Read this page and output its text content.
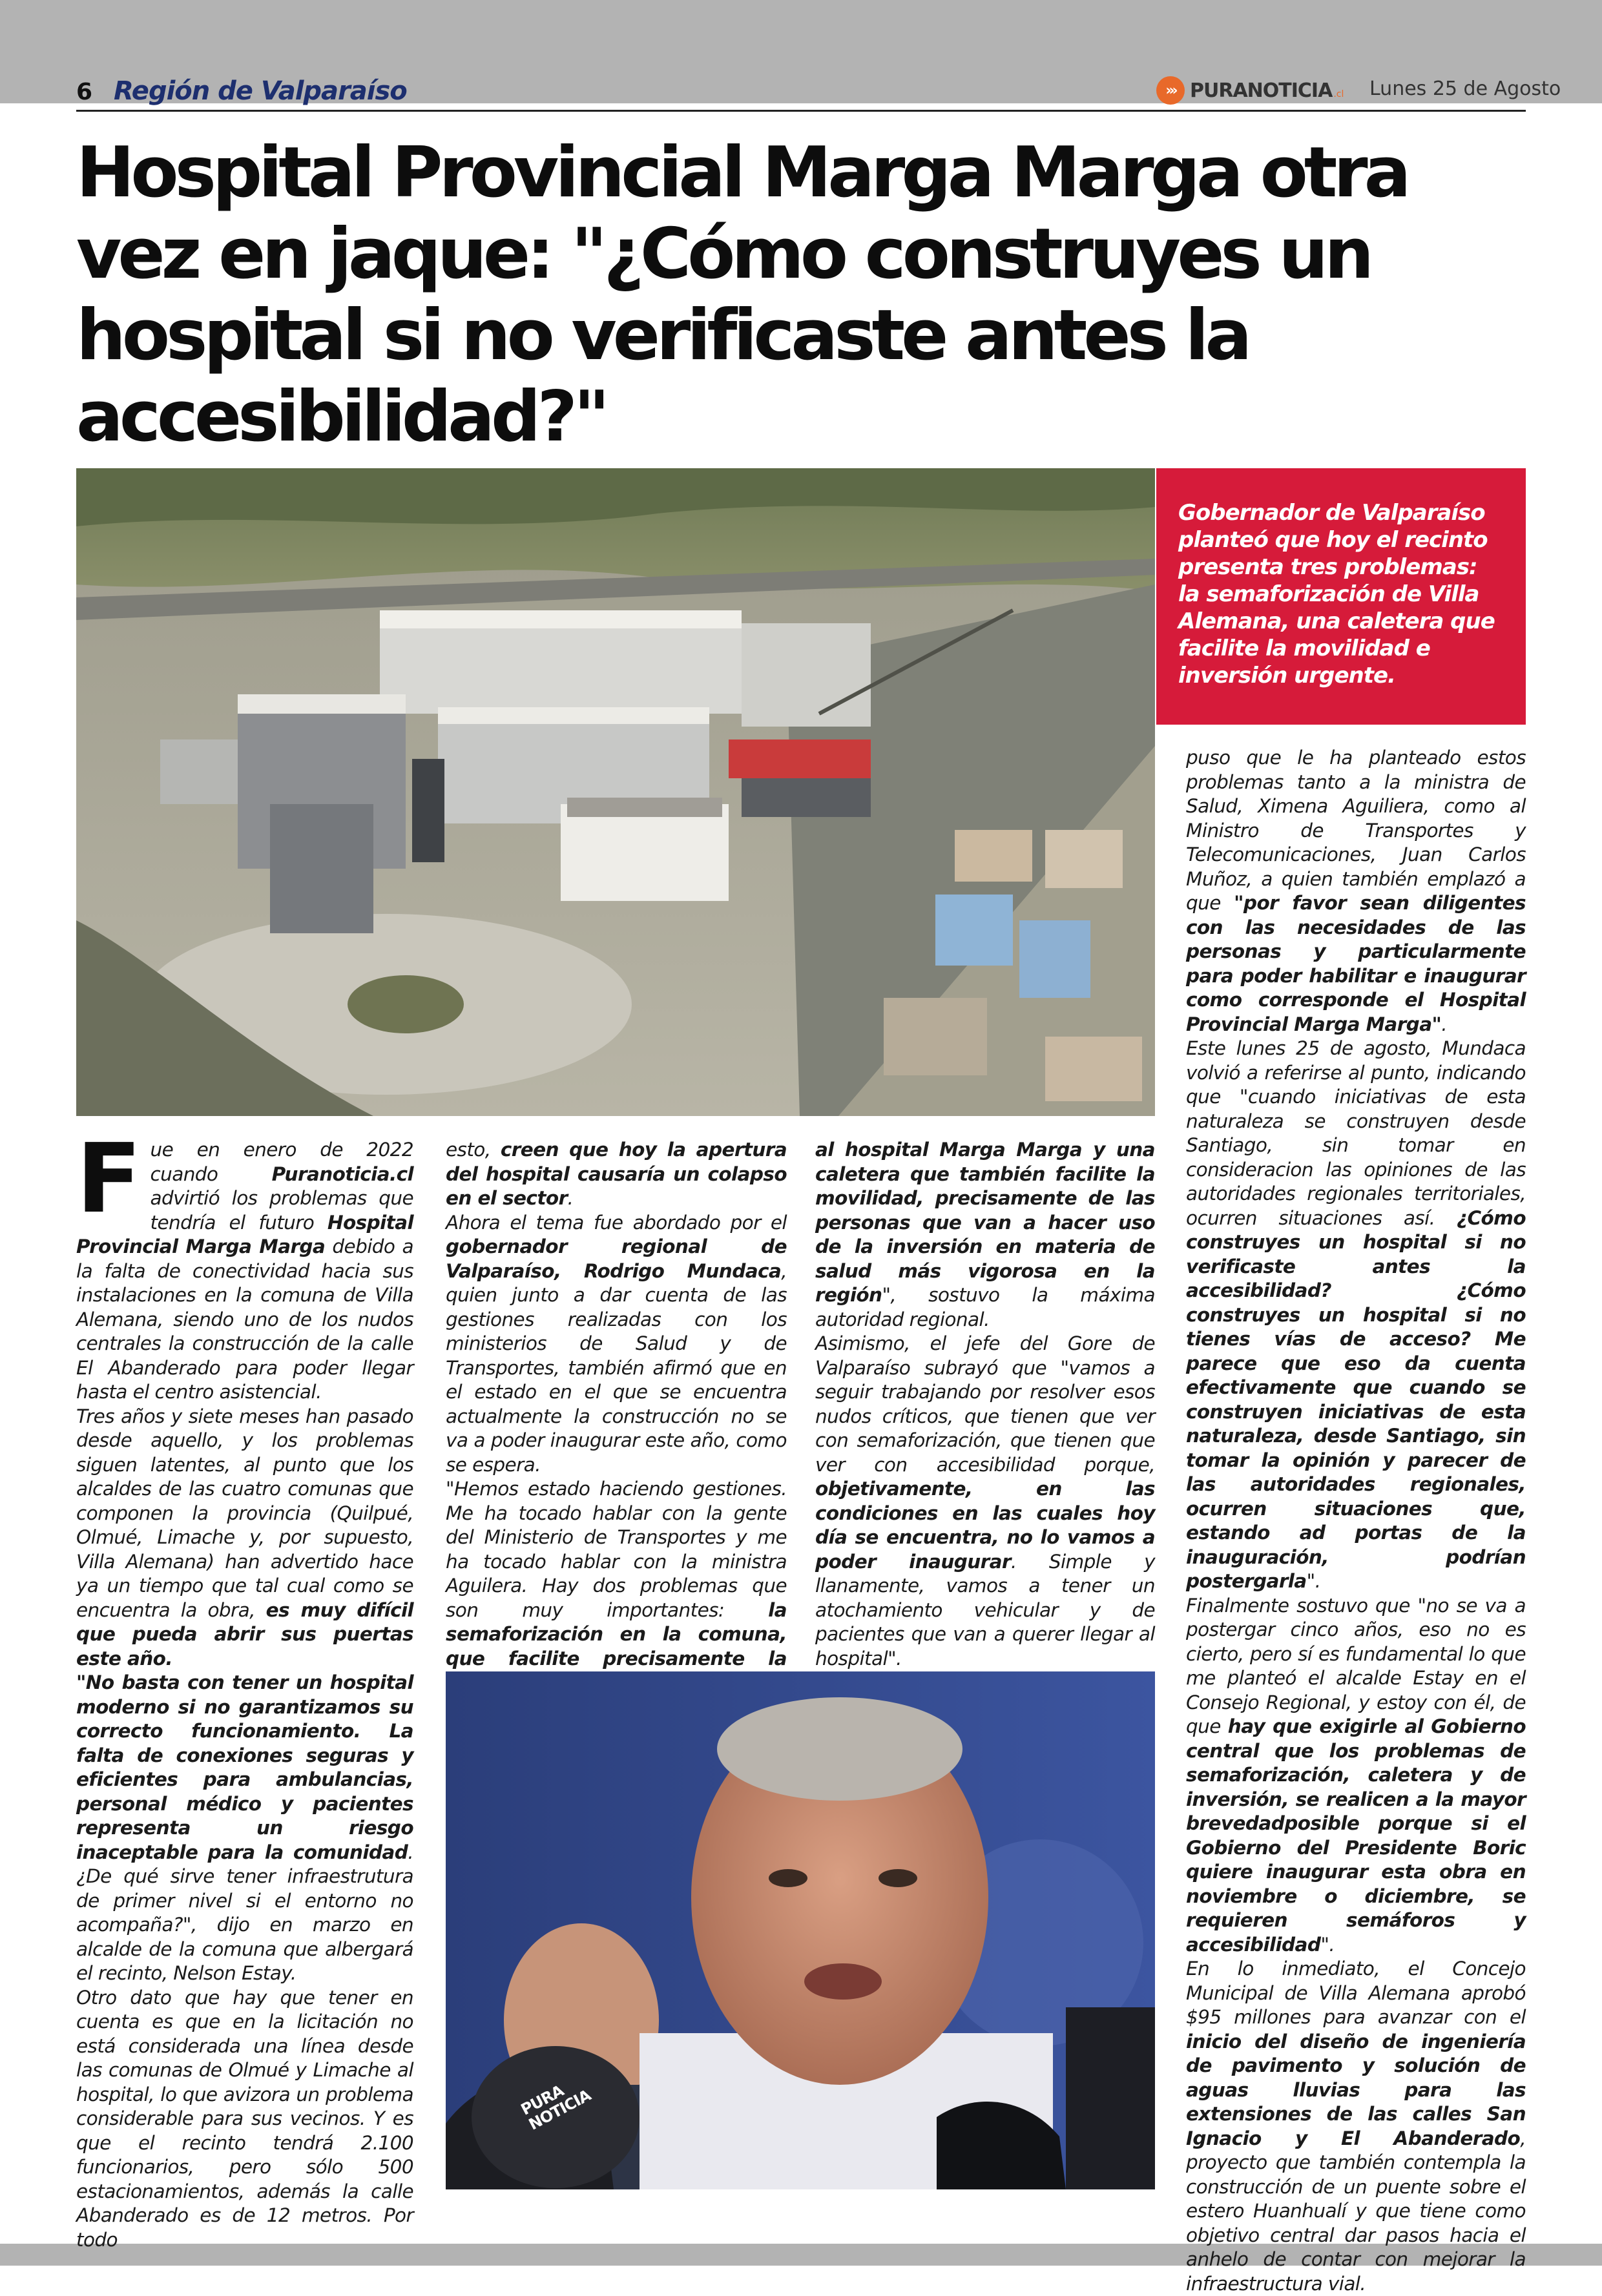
6 Región de Valparaíso	››› PURANOTICIA .cl Lunes 25 de Agosto
Hospital Provincial Marga Marga otra vez en jaque: "¿Cómo construyes un hospital si no verificaste antes la accesibilidad?"

Gobernador de Valparaíso planteó que hoy el recinto presenta tres problemas: la semaforización de Villa Alemana, una caletera que facilite la movilidad e inversión urgente.

F ue en enero de 2022 cuando Puranoticia.cl advirtió los problemas que tendría el futuro Hospital Provincial Marga Marga debido a la falta de conectividad hacia sus instalaciones en la comuna de Villa Alemana, siendo uno de los nudos centrales la construcción de la calle El Abanderado para poder llegar hasta el centro asistencial.

Tres años y siete meses han pasado desde aquello, y los problemas siguen latentes, al punto que los alcaldes de las cuatro comunas que componen la provincia (Quilpué, Olmué, Limache y, por supuesto, Villa Alemana) han advertido hace ya un tiempo que tal cual como se encuentra la obra, es muy difícil que pueda abrir sus puertas este año.

"No basta con tener un hospital moderno si no garantizamos su correcto funcionamiento. La falta de conexiones seguras y eficientes para ambulancias, personal médico y pacientes representa un riesgo inaceptable para la comunidad. ¿De qué sirve tener infraestrutura de primer nivel si el entorno no acompaña?", dijo en marzo en alcalde de la comuna que albergará el recinto, Nelson Estay.

Otro dato que hay que tener en cuenta es que en la licitación no está considerada una línea desde las comunas de Olmué y Limache al hospital, lo que avizora un problema considerable para sus vecinos. Y es que el recinto tendrá 2.100 funcionarios, pero sólo 500 estacionamientos, además la calle Abanderado es de 12 metros. Por todo

esto, creen que hoy la apertura del hospital causaría un colapso en el sector.

Ahora el tema fue abordado por el gobernador regional de Valparaíso, Rodrigo Mundaca, quien junto a dar cuenta de las gestiones realizadas con los ministerios de Salud y de Transportes, también afirmó que en el estado en el que se encuentra actualmente la construcción no se va a poder inaugurar este año, como se espera.

"Hemos estado haciendo gestiones. Me ha tocado hablar con la gente del Ministerio de Transportes y me ha tocado hablar con la ministra Aguilera. Hay dos problemas que son muy importantes: la semaforización en la comuna, que facilite precisamente la

al hospital Marga Marga y una caletera que también facilite la movilidad, precisamente de las personas que van a hacer uso de la inversión en materia de salud más vigorosa en la región", sostuvo la máxima autoridad regional.

Asimismo, el jefe del Gore de Valparaíso subrayó que "vamos a seguir trabajando por resolver esos nudos críticos, que tienen que ver con semaforización, que tienen que ver con accesibilidad porque, objetivamente, en las condiciones en las cuales hoy día se encuentra, no lo vamos a poder inaugurar. Simple y llanamente, vamos a tener un atochamiento vehicular y de pacientes que van a querer llegar al hospital".

puso que le ha planteado estos problemas tanto a la ministra de Salud, Ximena Aguiliera, como al Ministro de Transportes y Telecomunicaciones, Juan Carlos Muñoz, a quien también emplazó a que "por favor sean diligentes con las necesidades de las personas y particularmente para poder habilitar e inaugurar como corresponde el Hospital Provincial Marga Marga".

Este lunes 25 de agosto, Mundaca volvió a referirse al punto, indicando que "cuando iniciativas de esta naturaleza se construyen desde Santiago, sin tomar en consideracion las opiniones de las autoridades regionales territoriales, ocurren situaciones así. ¿Cómo construyes un hospital si no verificaste antes la accesibilidad? ¿Cómo construyes un hospital si no tienes vías de acceso? Me parece que eso da cuenta efectivamente que cuando se construyen iniciativas de esta naturaleza, desde Santiago, sin tomar la opinión y parecer de las autoridades regionales, ocurren situaciones que, estando ad portas de la inauguración, podrían postergarla".

Finalmente sostuvo que "no se va a postergar cinco años, eso no es cierto, pero sí es fundamental lo que me planteó el alcalde Estay en el Consejo Regional, y estoy con él, de que hay que exigirle al Gobierno central que los problemas de semaforización, caletera y de inversión, se realicen a la mayor brevedadposible porque si el Gobierno del Presidente Boric quiere inaugurar esta obra en noviembre o diciembre, se requieren semáforos y accesibilidad".

En lo inmediato, el Concejo Municipal de Villa Alemana aprobó $95 millones para avanzar con el inicio del diseño de ingeniería de pavimento y solución de aguas lluvias para las extensiones de las calles San Ignacio y El Abanderado, proyecto que también contempla la construcción de un puente sobre el estero Huanhualí y que tiene como objetivo central dar pasos hacia el anhelo de contar con mejorar la infraestructura vial.

PURA NOTICIA
